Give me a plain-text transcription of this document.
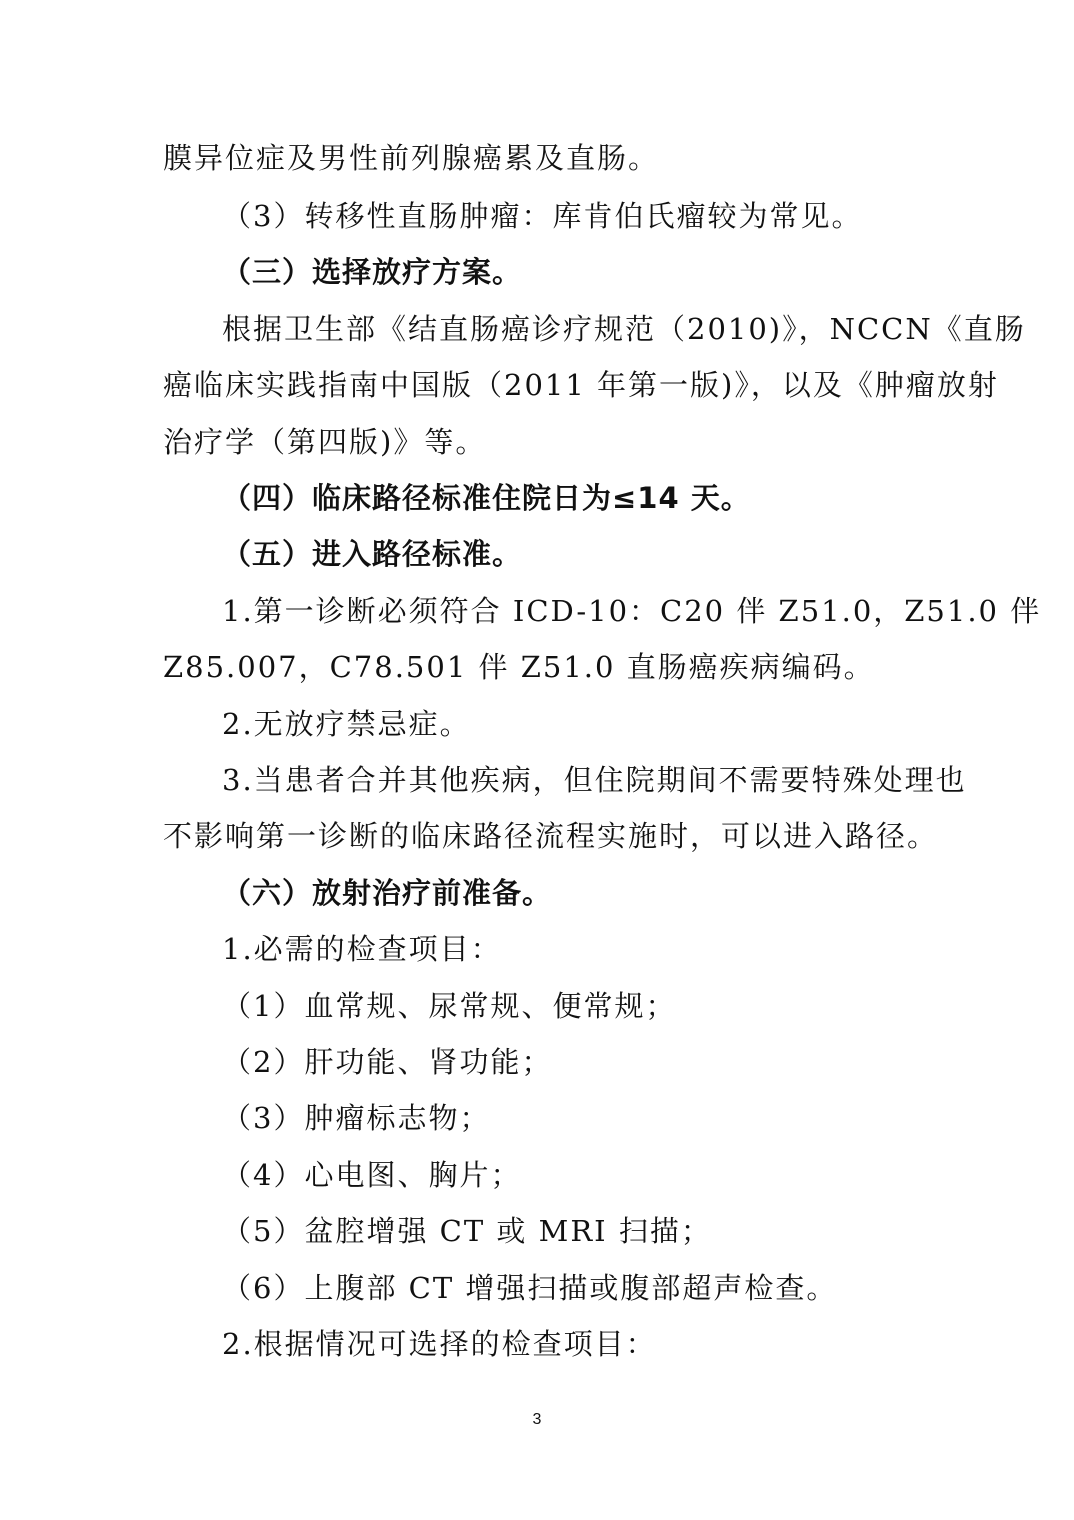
膜异位症及男性前列腺癌累及直肠。
（3）转移性直肠肿瘤：库肯伯氏瘤较为常见。
（三）选择放疗方案。
根据卫生部《结直肠癌诊疗规范（2010)》，NCCN《直肠
癌临床实践指南中国版（2011 年第一版)》，以及《肿瘤放射
治疗学（第四版)》等。
（四）临床路径标准住院日为≤14 天。
（五）进入路径标准。
1.第一诊断必须符合 ICD-10：C20 伴 Z51.0，Z51.0 伴
Z85.007，C78.501 伴 Z51.0 直肠癌疾病编码。
2.无放疗禁忌症。
3.当患者合并其他疾病，但住院期间不需要特殊处理也
不影响第一诊断的临床路径流程实施时，可以进入路径。
（六）放射治疗前准备。
1.必需的检查项目：
（1）血常规、尿常规、便常规；
（2）肝功能、肾功能；
（3）肿瘤标志物；
（4）心电图、胸片；
（5）盆腔增强 CT 或 MRI 扫描；
（6）上腹部 CT 增强扫描或腹部超声检查。
2.根据情况可选择的检查项目：
3
